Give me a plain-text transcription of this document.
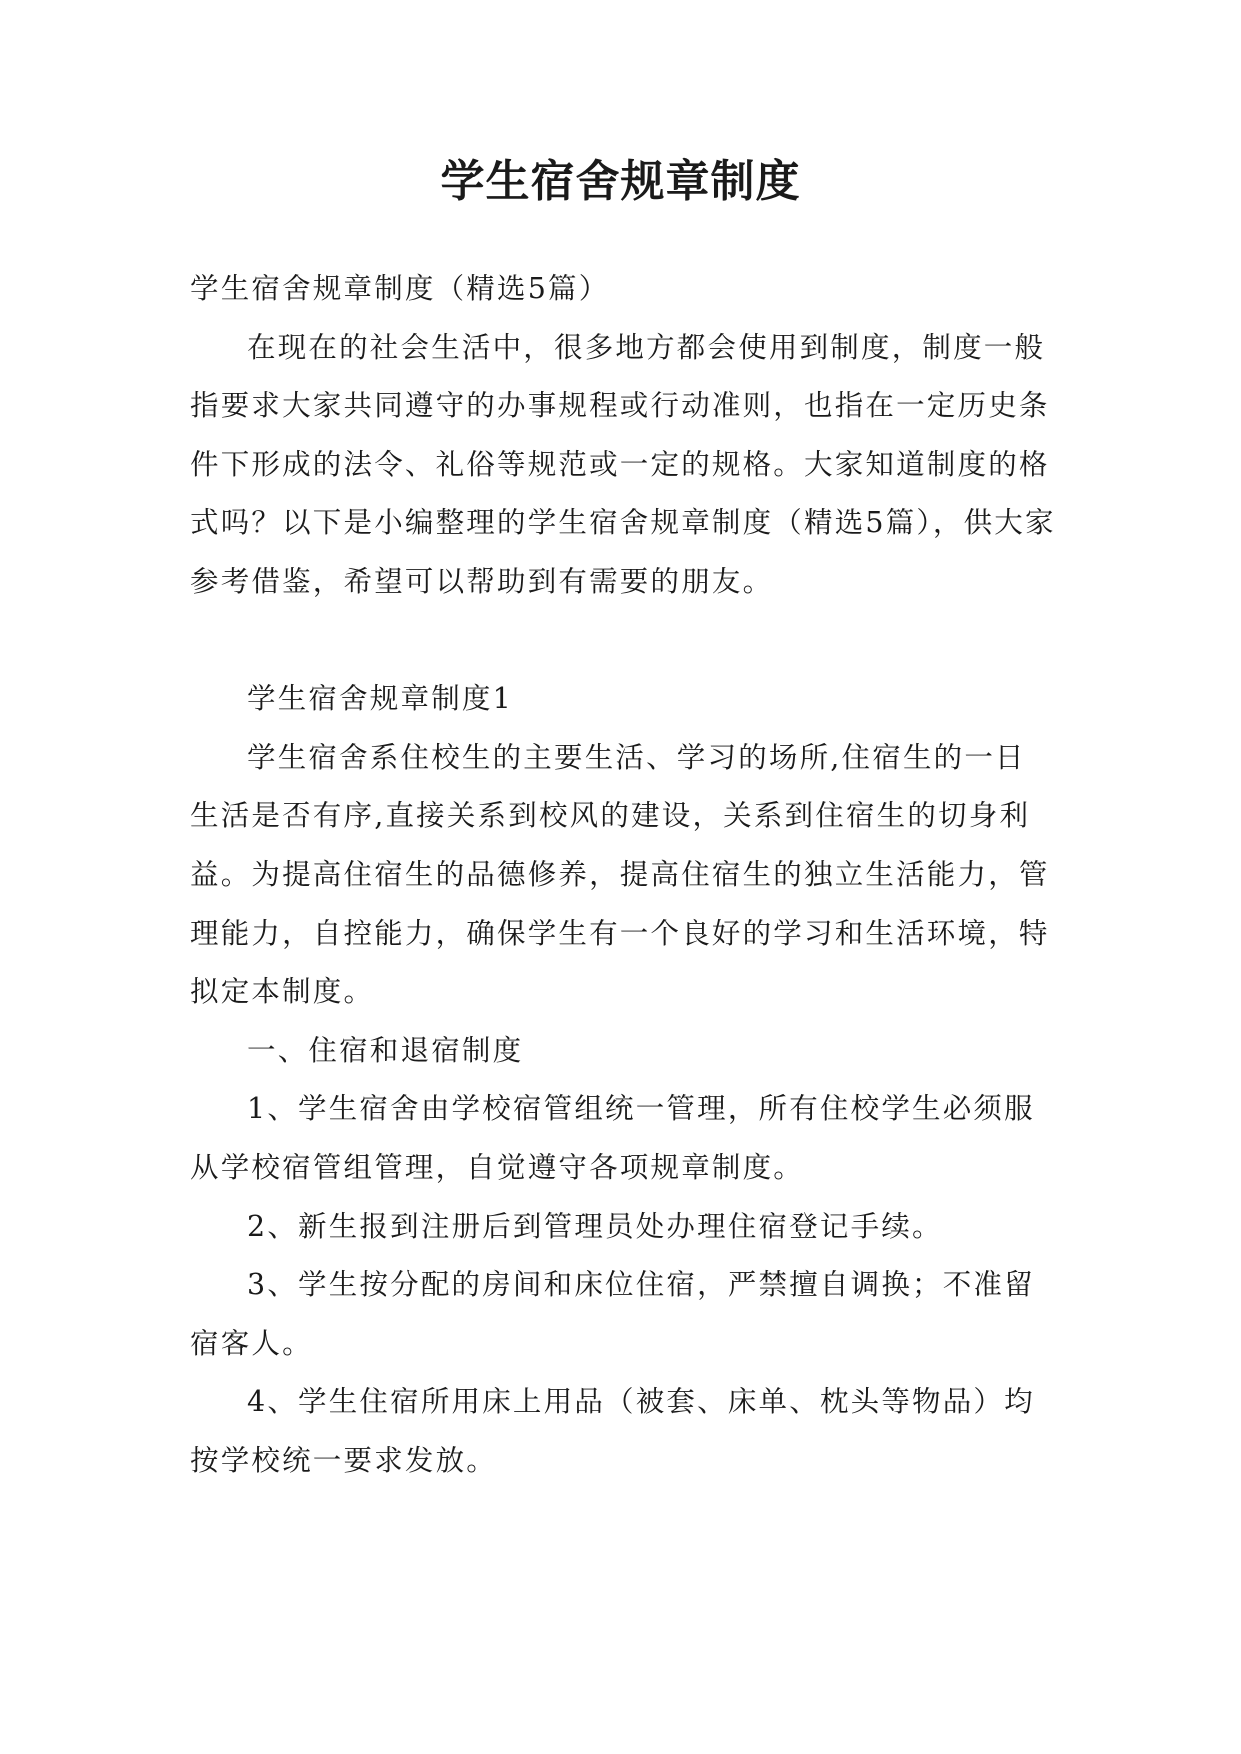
学生宿舍规章制度

学生宿舍规章制度（精选5篇）

在现在的社会生活中，很多地方都会使用到制度，制度一般指要求大家共同遵守的办事规程或行动准则，也指在一定历史条件下形成的法令、礼俗等规范或一定的规格。大家知道制度的格式吗？以下是小编整理的学生宿舍规章制度（精选5篇），供大家参考借鉴，希望可以帮助到有需要的朋友。

学生宿舍规章制度1

学生宿舍系住校生的主要生活、学习的场所,住宿生的一日生活是否有序,直接关系到校风的建设，关系到住宿生的切身利益。为提高住宿生的品德修养，提高住宿生的独立生活能力，管理能力，自控能力，确保学生有一个良好的学习和生活环境，特拟定本制度。

一、住宿和退宿制度

1、学生宿舍由学校宿管组统一管理，所有住校学生必须服从学校宿管组管理，自觉遵守各项规章制度。

2、新生报到注册后到管理员处办理住宿登记手续。

3、学生按分配的房间和床位住宿，严禁擅自调换；不准留宿客人。

4、学生住宿所用床上用品（被套、床单、枕头等物品）均按学校统一要求发放。
